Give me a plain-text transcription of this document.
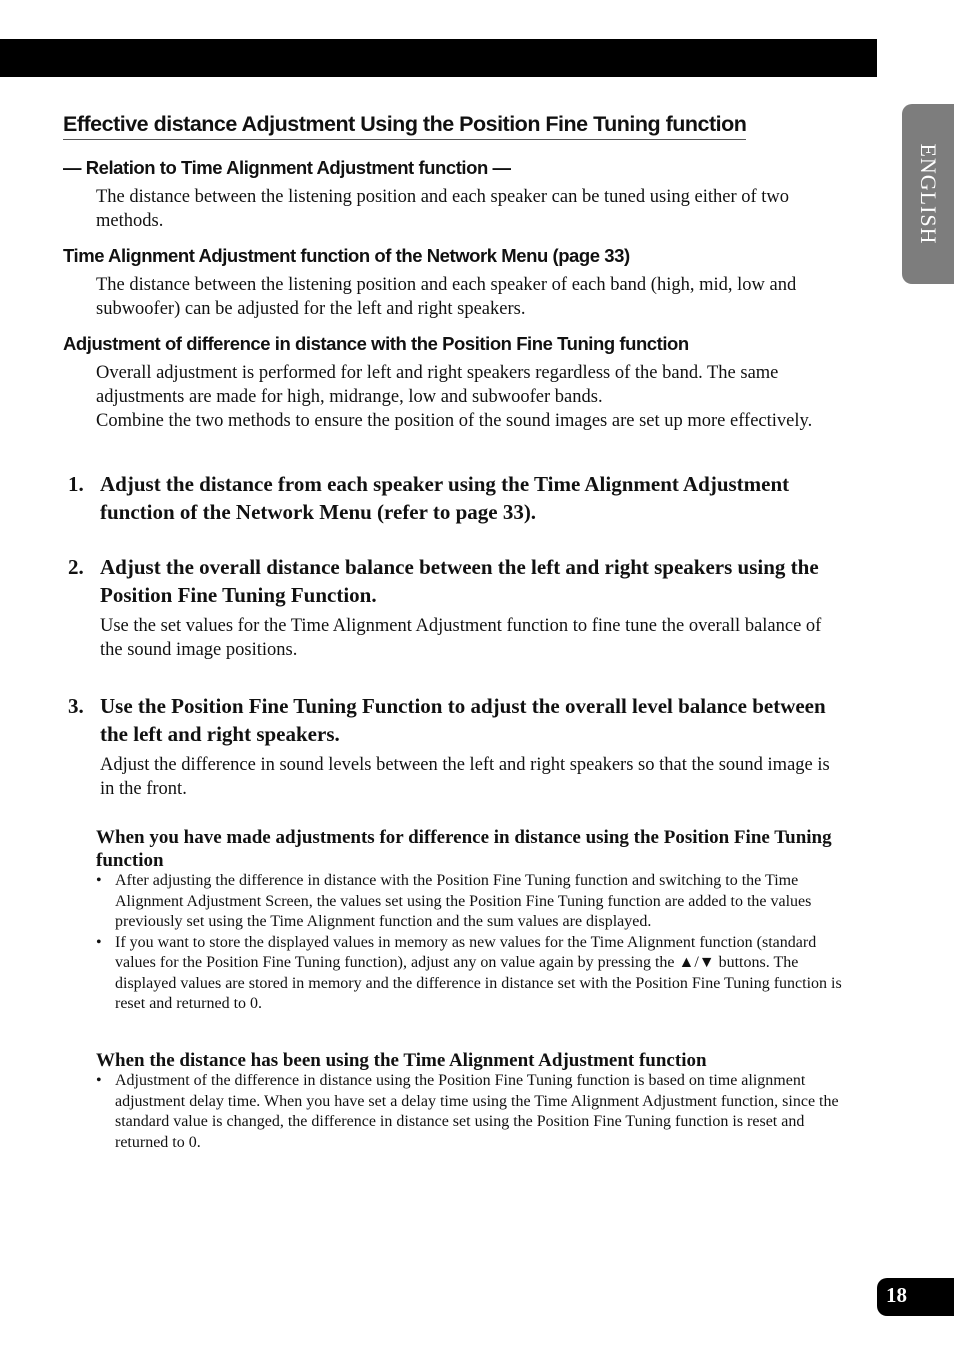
ENGLISH
Effective distance Adjustment Using the Position Fine Tuning function
— Relation to Time Alignment Adjustment function —

The distance between the listening position and each speaker can be tuned using either of two methods.

Time Alignment Adjustment function of the Network Menu (page 33)

The distance between the listening position and each speaker of each band (high, mid, low and subwoofer) can be adjusted for the left and right speakers.

Adjustment of difference in distance with the Position Fine Tuning function

Overall adjustment is performed for left and right speakers regardless of the band. The same adjustments are made for high, midrange, low and subwoofer bands.

Combine the two methods to ensure the position of the sound images are set up more effectively.

1. Adjust the distance from each speaker using the Time Alignment Adjustment function of the Network Menu (refer to page 33).
2. Adjust the overall distance balance between the left and right speakers using the Position Fine Tuning Function.

Use the set values for the Time Alignment Adjustment function to fine tune the overall balance of the sound image positions.

3. Use the Position Fine Tuning Function to adjust the overall level balance between the left and right speakers.

Adjust the difference in sound levels between the left and right speakers so that the sound image is in the front.

When you have made adjustments for difference in distance using the Position Fine Tuning function
• After adjusting the difference in distance with the Position Fine Tuning function and switching to the Time Alignment Adjustment Screen, the values set using the Position Fine Tuning function are added to the values previously set using the Time Alignment function and the sum values are displayed.
• If you want to store the displayed values in memory as new values for the Time Alignment function (standard values for the Position Fine Tuning function), adjust any on value again by pressing the ▲/▼ buttons. The displayed values are stored in memory and the difference in distance set with the Position Fine Tuning function is reset and returned to 0.
When the distance has been using the Time Alignment Adjustment function
• Adjustment of the difference in distance using the Position Fine Tuning function is based on time alignment adjustment delay time. When you have set a delay time using the Time Alignment Adjustment function, since the standard value is changed, the difference in distance set using the Position Fine Tuning function is reset and returned to 0.
18
